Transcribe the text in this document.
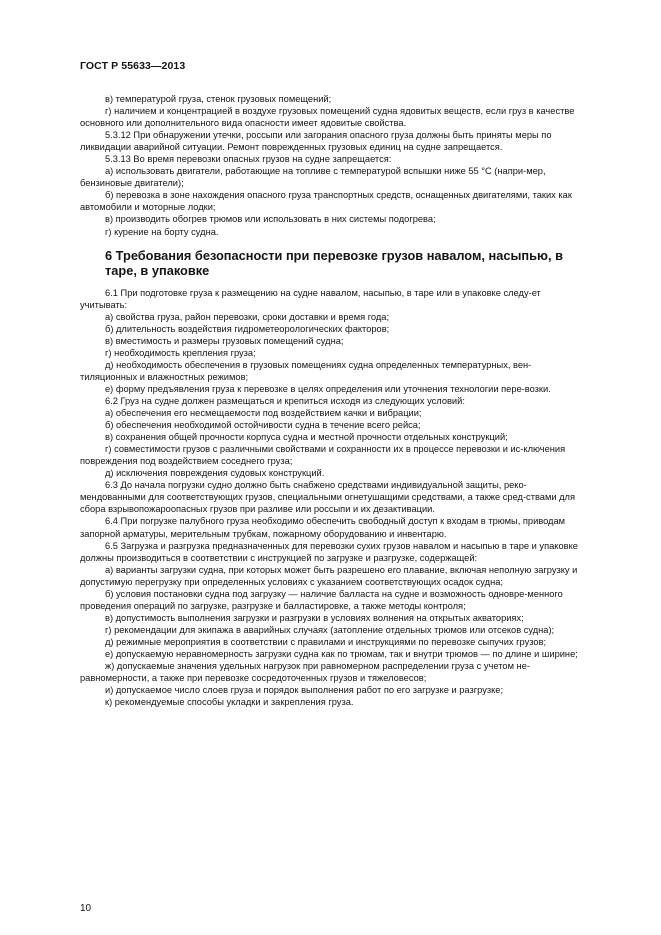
ГОСТ Р 55633—2013

в) температурой груза, стенок грузовых помещений;

г) наличием и концентрацией в воздухе грузовых помещений судна ядовитых веществ, если груз в качестве основного или дополнительного вида опасности имеет ядовитые свойства.

5.3.12 При обнаружении утечки, россыпи или загорания опасного груза должны быть приняты меры по ликвидации аварийной ситуации. Ремонт поврежденных грузовых единиц на судне запрещается.

5.3.13 Во время перевозки опасных грузов на судне запрещается:

а) использовать двигатели, работающие на топливе с температурой вспышки ниже 55 °С (напри-мер, бензиновые двигатели);

б) перевозка в зоне нахождения опасного груза транспортных средств, оснащенных двигателями, таких как автомобили и моторные лодки;

в) производить обогрев трюмов или использовать в них системы подогрева;

г) курение на борту судна.

6 Требования безопасности при перевозке грузов навалом, насыпью, в таре, в упаковке

6.1 При подготовке груза к размещению на судне навалом, насыпью, в таре или в упаковке следу-ет учитывать:

а) свойства груза, район перевозки, сроки доставки и время года;

б) длительность воздействия гидрометеорологических факторов;

в) вместимость и размеры грузовых помещений судна;

г) необходимость крепления груза;

д) необходимость обеспечения в грузовых помещениях судна определенных температурных, вен-тиляционных и влажностных режимов;

е) форму предъявления груза к перевозке в целях определения или уточнения технологии пере-возки.

6.2 Груз на судне должен размещаться и крепиться исходя из следующих условий:

а) обеспечения его несмещаемости под воздействием качки и вибрации;

б) обеспечения необходимой остойчивости судна в течение всего рейса;

в) сохранения общей прочности корпуса судна и местной прочности отдельных конструкций;

г) совместимости грузов с различными свойствами и сохранности их в процессе перевозки и ис-ключения повреждения под воздействием соседнего груза;

д) исключения повреждения судовых конструкций.

6.3 До начала погрузки судно должно быть снабжено средствами индивидуальной защиты, реко-мендованными для соответствующих грузов, специальными огнетушащими средствами, а также сред-ствами для сбора взрывопожароопасных грузов при разливе или россыпи и их дезактивации.

6.4 При погрузке палубного груза необходимо обеспечить свободный доступ к входам в трюмы, приводам запорной арматуры, мерительным трубкам, пожарному оборудованию и инвентарю.

6.5 Загрузка и разгрузка предназначенных для перевозки сухих грузов навалом и насыпью в таре и упаковке должны производиться в соответствии с инструкцией по загрузке и разгрузке, содержащей:

а) варианты загрузки судна, при которых может быть разрешено его плавание, включая неполную загрузку и допустимую перегрузку при определенных условиях с указанием соответствующих осадок судна;

б) условия постановки судна под загрузку — наличие балласта на судне и возможность одновре-менного проведения операций по загрузке, разгрузке и балластировке, а также методы контроля;

в) допустимость выполнения загрузки и разгрузки в условиях волнения на открытых акваториях;

г) рекомендации для экипажа в аварийных случаях (затопление отдельных трюмов или отсеков судна);

д) режимные мероприятия в соответствии с правилами и инструкциями по перевозке сыпучих грузов;

е) допускаемую неравномерность загрузки судна как по трюмам, так и внутри трюмов — по длине и ширине;

ж) допускаемые значения удельных нагрузок при равномерном распределении груза с учетом не-равномерности, а также при перевозке сосредоточенных грузов и тяжеловесов;

и) допускаемое число слоев груза и порядок выполнения работ по его загрузке и разгрузке;

к) рекомендуемые способы укладки и закрепления груза.

10
